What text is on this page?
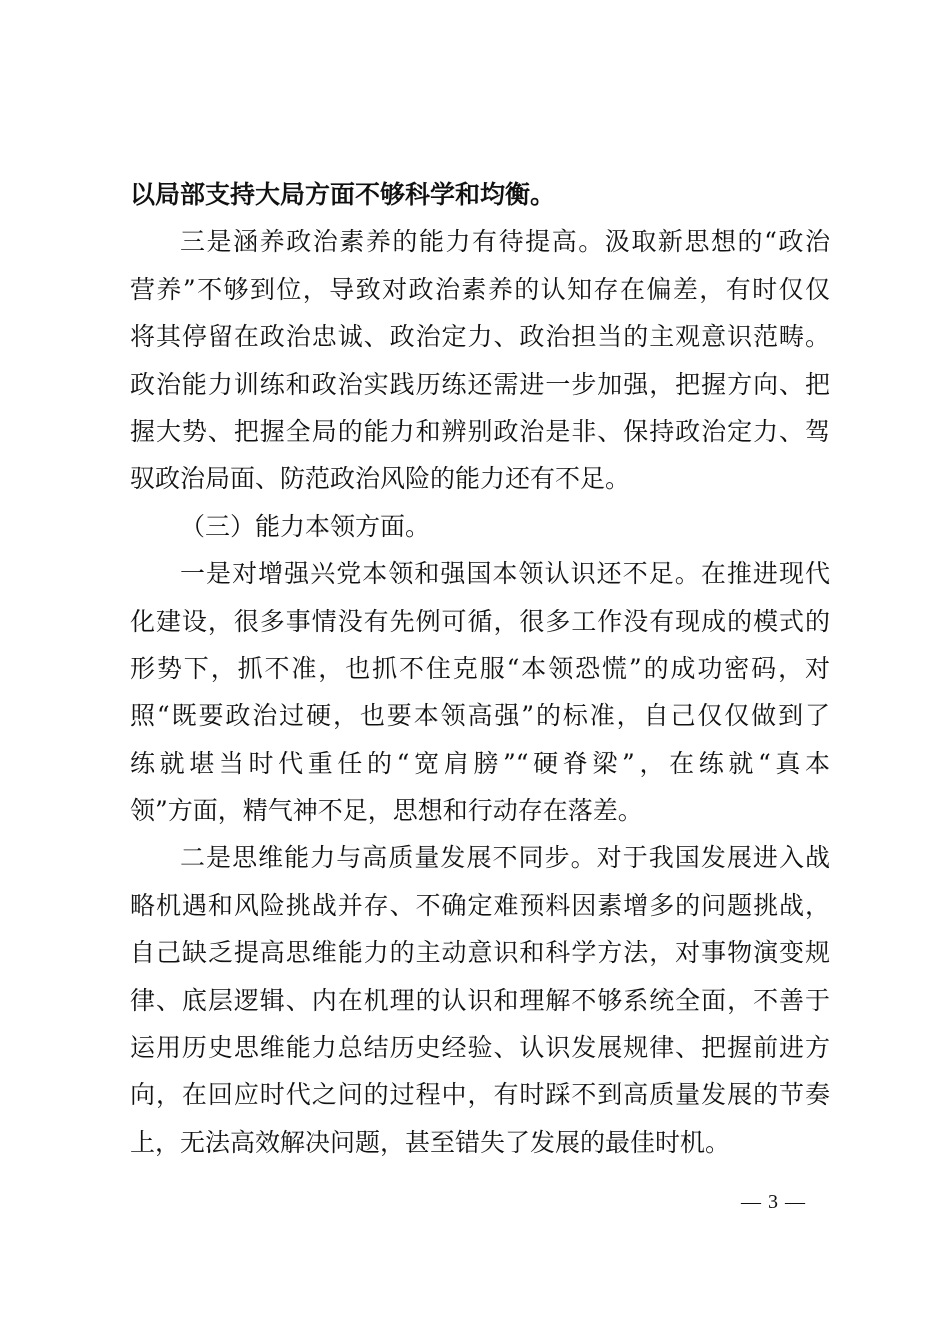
以局部支持大局方面不够科学和均衡。
三是涵养政治素养的能力有待提高。汲取新思想的“政治
营养”不够到位，导致对政治素养的认知存在偏差，有时仅仅
将其停留在政治忠诚、政治定力、政治担当的主观意识范畴。
政治能力训练和政治实践历练还需进一步加强，把握方向、把
握大势、把握全局的能力和辨别政治是非、保持政治定力、驾
驭政治局面、防范政治风险的能力还有不足。
（三）能力本领方面。
一是对增强兴党本领和强国本领认识还不足。在推进现代
化建设，很多事情没有先例可循，很多工作没有现成的模式的
形势下，抓不准，也抓不住克服“本领恐慌”的成功密码，对
照“既要政治过硬，也要本领高强”的标准，自己仅仅做到了
练就堪当时代重任的“宽肩膀”“硬脊梁”，在练就“真本
领”方面，精气神不足，思想和行动存在落差。
二是思维能力与高质量发展不同步。对于我国发展进入战
略机遇和风险挑战并存、不确定难预料因素增多的问题挑战，
自己缺乏提高思维能力的主动意识和科学方法，对事物演变规
律、底层逻辑、内在机理的认识和理解不够系统全面，不善于
运用历史思维能力总结历史经验、认识发展规律、把握前进方
向，在回应时代之问的过程中，有时踩不到高质量发展的节奏
上，无法高效解决问题，甚至错失了发展的最佳时机。
— 3 —
